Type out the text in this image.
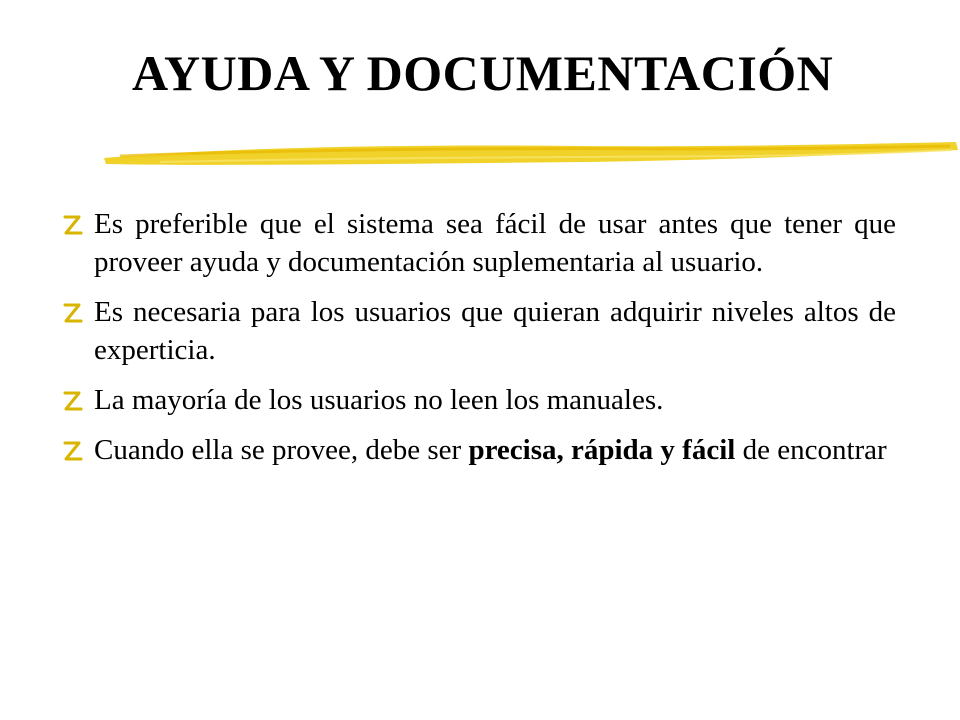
AYUDA Y DOCUMENTACIÓN
Es preferible que el sistema sea fácil de usar antes que tener que proveer ayuda y documentación suplementaria al usuario.
Es necesaria para los usuarios que quieran adquirir niveles altos de experticia.
La mayoría de los usuarios no leen los manuales.
Cuando ella se provee, debe ser precisa, rápida y fácil de encontrar
